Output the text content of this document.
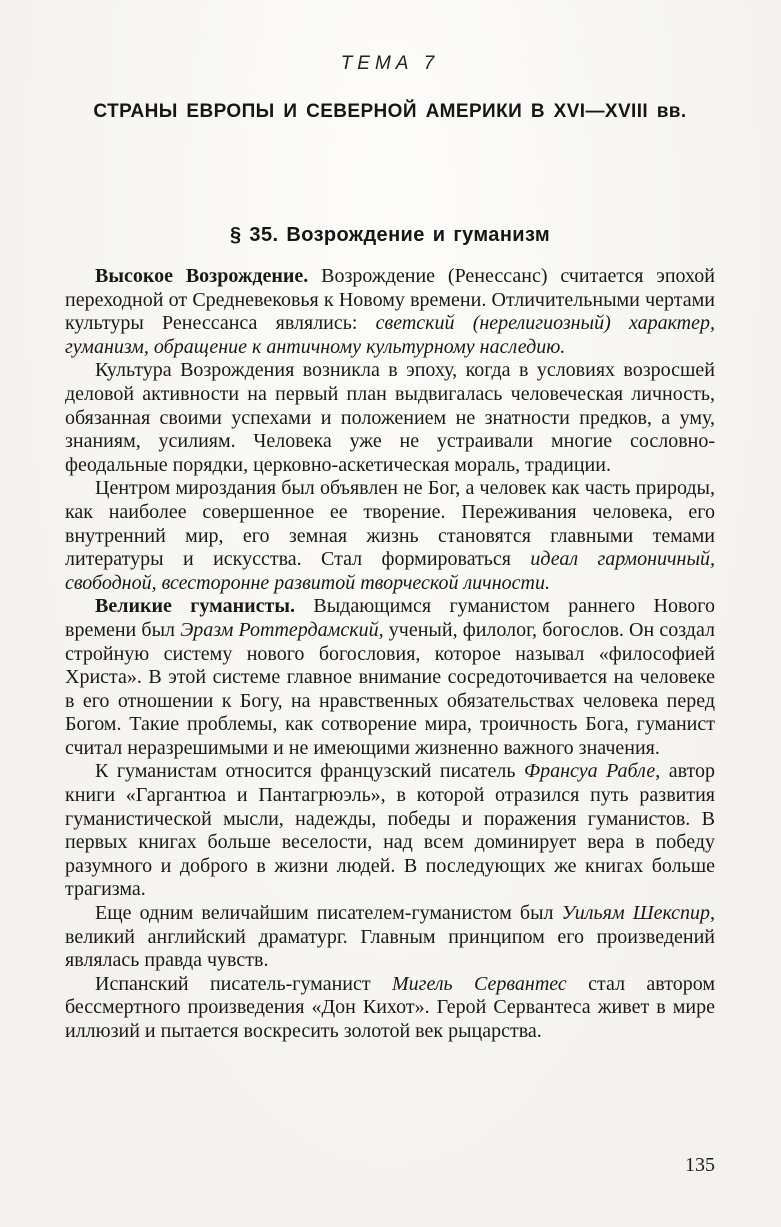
ТЕМА 7
СТРАНЫ ЕВРОПЫ И СЕВЕРНОЙ АМЕРИКИ В XVI—XVIII вв.
§ 35. Возрождение и гуманизм

Высокое Возрождение. Возрождение (Ренессанс) считается эпохой переходной от Средневековья к Новому времени. Отличительными чертами культуры Ренессанса являлись: светский (нерелигиозный) характер, гуманизм, обращение к античному культурному наследию.

Культура Возрождения возникла в эпоху, когда в условиях возросшей деловой активности на первый план выдвигалась человеческая личность, обязанная своими успехами и положением не знатности предков, а уму, знаниям, усилиям. Человека уже не устраивали многие сословно-феодальные порядки, церковно-аскетическая мораль, традиции.

Центром мироздания был объявлен не Бог, а человек как часть природы, как наиболее совершенное ее творение. Переживания человека, его внутренний мир, его земная жизнь становятся главными темами литературы и искусства. Стал формироваться идеал гармоничный, свободной, всесторонне развитой творческой личности.

Великие гуманисты. Выдающимся гуманистом раннего Нового времени был Эразм Роттердамский, ученый, филолог, богослов. Он создал стройную систему нового богословия, которое называл «философией Христа». В этой системе главное внимание сосредоточивается на человеке в его отношении к Богу, на нравственных обязательствах человека перед Богом. Такие проблемы, как сотворение мира, троичность Бога, гуманист считал неразрешимыми и не имеющими жизненно важного значения.

К гуманистам относится французский писатель Франсуа Рабле, автор книги «Гаргантюа и Пантагрюэль», в которой отразился путь развития гуманистической мысли, надежды, победы и поражения гуманистов. В первых книгах больше веселости, над всем доминирует вера в победу разумного и доброго в жизни людей. В последующих же книгах больше трагизма.

Еще одним величайшим писателем-гуманистом был Уильям Шекспир, великий английский драматург. Главным принципом его произведений являлась правда чувств.

Испанский писатель-гуманист Мигель Сервантес стал автором бессмертного произведения «Дон Кихот». Герой Сервантеса живет в мире иллюзий и пытается воскресить золотой век рыцарства.

135
